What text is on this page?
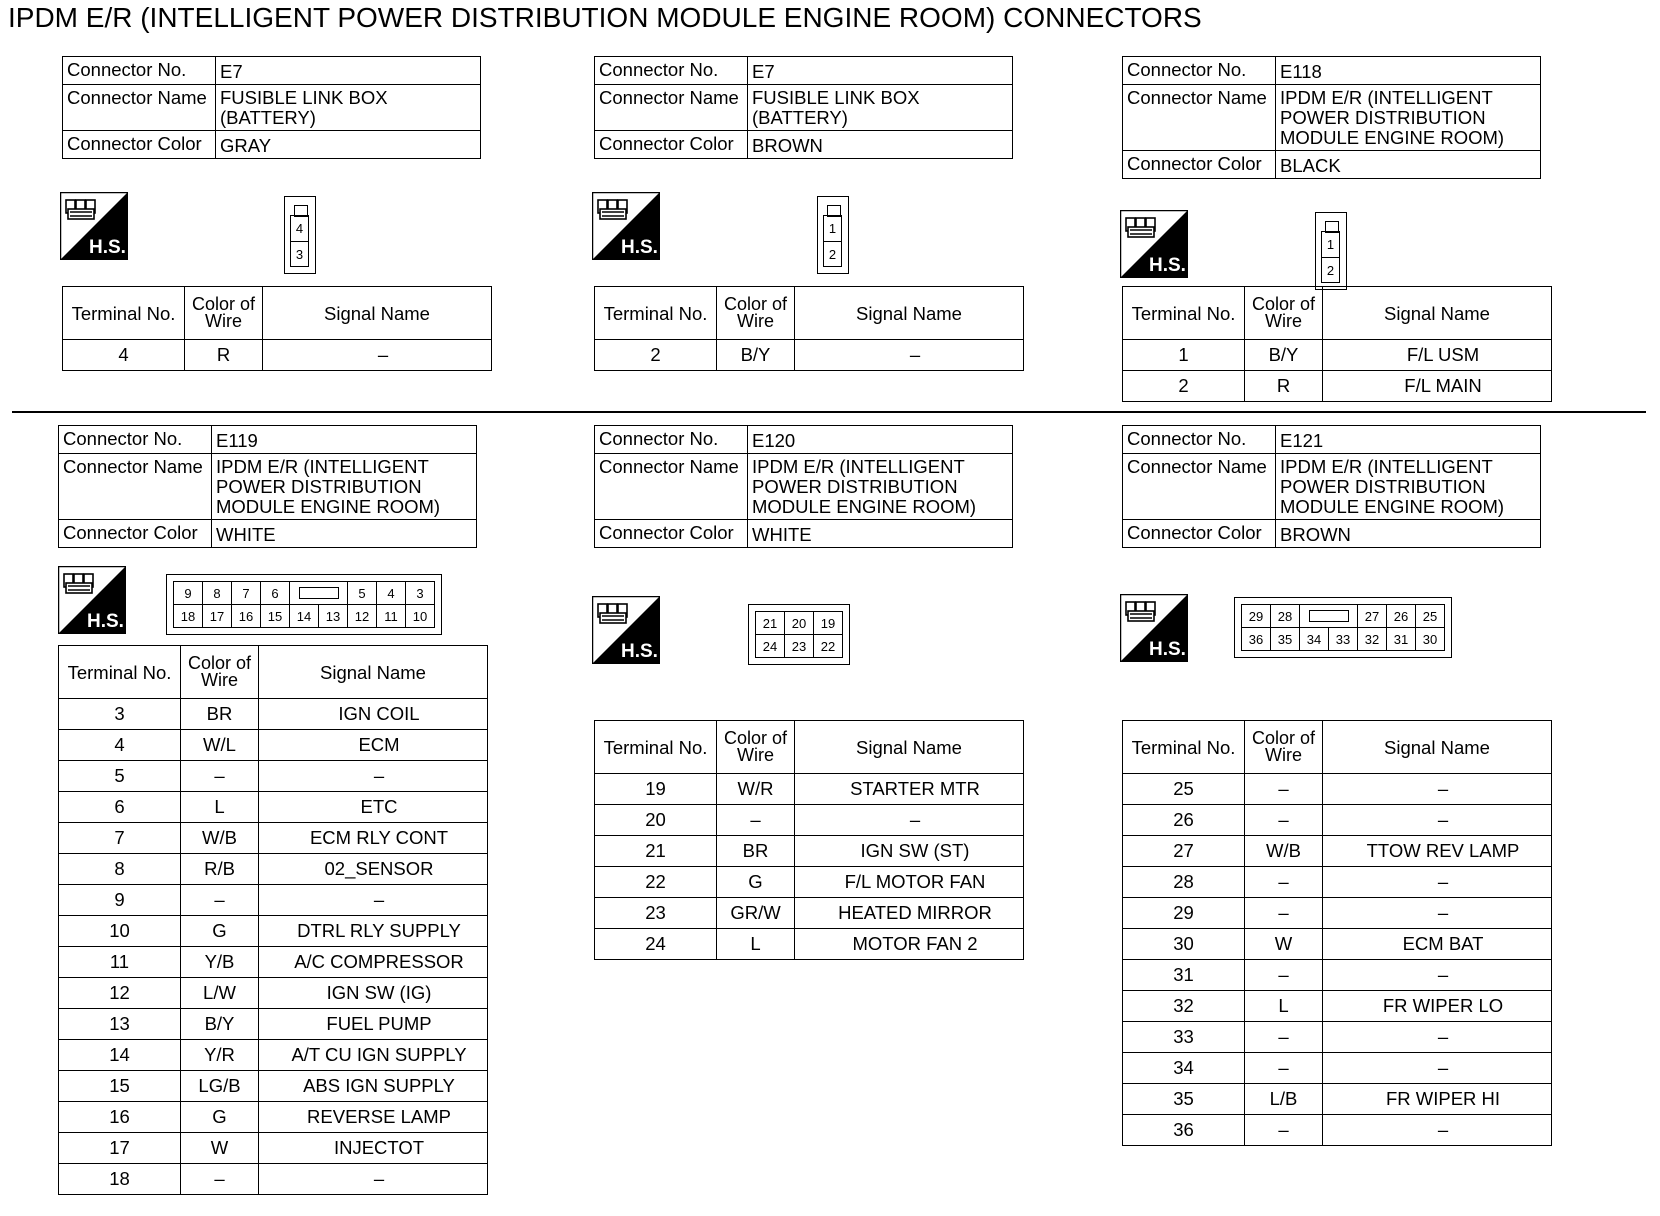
IPDM E/R (INTELLIGENT POWER DISTRIBUTION MODULE ENGINE ROOM) CONNECTORS
Connector No.	E7
Connector Name	FUSIBLE LINK BOX (BATTERY)
Connector Color	GRAY
H.S.
4
3
Terminal No.	Color of Wire	Signal Name
4	R	–
Connector No.	E7
Connector Name	FUSIBLE LINK BOX (BATTERY)
Connector Color	BROWN
H.S.
1
2
Terminal No.	Color of Wire	Signal Name
2	B/Y	–
Connector No.	E118
Connector Name	IPDM E/R (INTELLIGENT POWER DISTRIBUTION MODULE ENGINE ROOM)
Connector Color	BLACK
H.S.
1
2
Terminal No.	Color of Wire	Signal Name
1	B/Y	F/L USM
2	R	F/L MAIN
Connector No.	E119
Connector Name	IPDM E/R (INTELLIGENT POWER DISTRIBUTION MODULE ENGINE ROOM)
Connector Color	WHITE
H.S.
9	8	7	6			5	4	3
18	17	16	15	14	13	12	11	10
Terminal No.	Color of Wire	Signal Name
3	BR	IGN COIL
4	W/L	ECM
5	–	–
6	L	ETC
7	W/B	ECM RLY CONT
8	R/B	02_SENSOR
9	–	–
10	G	DTRL RLY SUPPLY
11	Y/B	A/C COMPRESSOR
12	L/W	IGN SW (IG)
13	B/Y	FUEL PUMP
14	Y/R	A/T CU IGN SUPPLY
15	LG/B	ABS IGN SUPPLY
16	G	REVERSE LAMP
17	W	INJECTOT
18	–	–
Connector No.	E120
Connector Name	IPDM E/R (INTELLIGENT POWER DISTRIBUTION MODULE ENGINE ROOM)
Connector Color	WHITE
H.S.
21	20	19
24	23	22
Terminal No.	Color of Wire	Signal Name
19	W/R	STARTER MTR
20	–	–
21	BR	IGN SW (ST)
22	G	F/L MOTOR FAN
23	GR/W	HEATED MIRROR
24	L	MOTOR FAN 2
Connector No.	E121
Connector Name	IPDM E/R (INTELLIGENT POWER DISTRIBUTION MODULE ENGINE ROOM)
Connector Color	BROWN
H.S.
29	28			27	26	25
36	35	34	33	32	31	30
Terminal No.	Color of Wire	Signal Name
25	–	–
26	–	–
27	W/B	TTOW REV LAMP
28	–	–
29	–	–
30	W	ECM BAT
31	–	–
32	L	FR WIPER LO
33	–	–
34	–	–
35	L/B	FR WIPER HI
36	–	–
